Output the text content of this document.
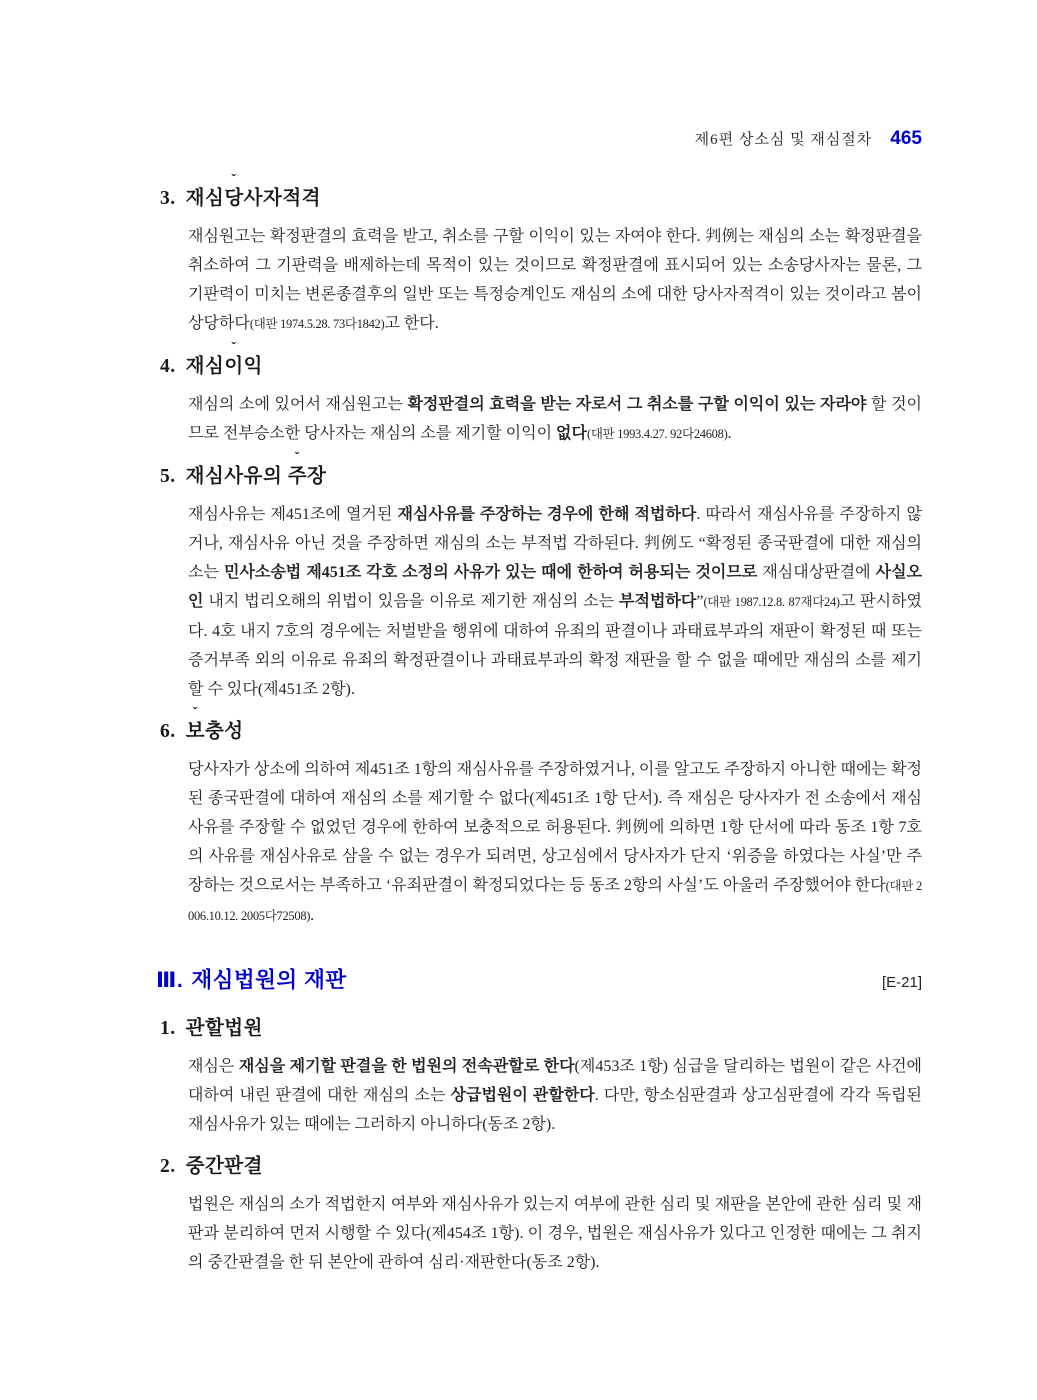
제6편 상소심 및 재심절차 465
3. 재심
ˇ
당사자적격

재심원고는 확정판결의 효력을 받고, 취소를 구할 이익이 있는 자여야 한다. 判例는 재심의 소는 확정판결을 취소하여 그 기판력을 배제하는데 목적이 있는 것이므로 확정판결에 표시되어 있는 소송당사자는 물론, 그 기판력이 미치는 변론종결후의 일반 또는 특정승계인도 재심의 소에 대한 당사자적격이 있는 것이라고 봄이 상당하다(대판 1974.5.28. 73다1842)고 한다.

4. 재심
ˇ
이익

재심의 소에 있어서 재심원고는 확정판결의 효력을 받는 자로서 그 취소를 구할 이익이 있는 자라야 할 것이므로 전부승소한 당사자는 재심의 소를 제기할 이익이 없다(대판 1993.4.27. 92다24608).

5. 재심사유의
ˇ
주장

재심사유는 제451조에 열거된 재심사유를 주장하는 경우에 한해 적법하다. 따라서 재심사유를 주장하지 않거나, 재심사유 아닌 것을 주장하면 재심의 소는 부적법 각하된다. 判例도 “확정된 종국판결에 대한 재심의 소는 민사소송법 제451조 각호 소정의 사유가 있는 때에 한하여 허용되는 것이므로 재심대상판결에 사실오인 내지 법리오해의 위법이 있음을 이유로 제기한 재심의 소는 부적법하다”(대판 1987.12.8. 87재다24)고 판시하였다. 4호 내지 7호의 경우에는 처벌받을 행위에 대하여 유죄의 판결이나 과태료부과의 재판이 확정된 때 또는 증거부족 외의 이유로 유죄의 확정판결이나 과태료부과의 확정 재판을 할 수 없을 때에만 재심의 소를 제기할 수 있다(제451조 2항).

6.
ˇ
보충성

당사자가 상소에 의하여 제451조 1항의 재심사유를 주장하였거나, 이를 알고도 주장하지 아니한 때에는 확정된 종국판결에 대하여 재심의 소를 제기할 수 없다(제451조 1항 단서). 즉 재심은 당사자가 전 소송에서 재심사유를 주장할 수 없었던 경우에 한하여 보충적으로 허용된다. 判例에 의하면 1항 단서에 따라 동조 1항 7호의 사유를 재심사유로 삼을 수 없는 경우가 되려면, 상고심에서 당사자가 단지 ‘위증을 하였다는 사실’만 주장하는 것으로서는 부족하고 ‘유죄판결이 확정되었다는 등 동조 2항의 사실’도 아울러 주장했어야 한다(대판 2006.10.12. 2005다72508).

Ⅲ. 재심법원의 재판	[E-21]
1. 관할법원

재심은 재심을 제기할 판결을 한 법원의 전속관할로 한다(제453조 1항) 심급을 달리하는 법원이 같은 사건에 대하여 내린 판결에 대한 재심의 소는 상급법원이 관할한다. 다만, 항소심판결과 상고심판결에 각각 독립된 재심사유가 있는 때에는 그러하지 아니하다(동조 2항).

2. 중간판결

법원은 재심의 소가 적법한지 여부와 재심사유가 있는지 여부에 관한 심리 및 재판을 본안에 관한 심리 및 재판과 분리하여 먼저 시행할 수 있다(제454조 1항). 이 경우, 법원은 재심사유가 있다고 인정한 때에는 그 취지의 중간판결을 한 뒤 본안에 관하여 심리·재판한다(동조 2항).
